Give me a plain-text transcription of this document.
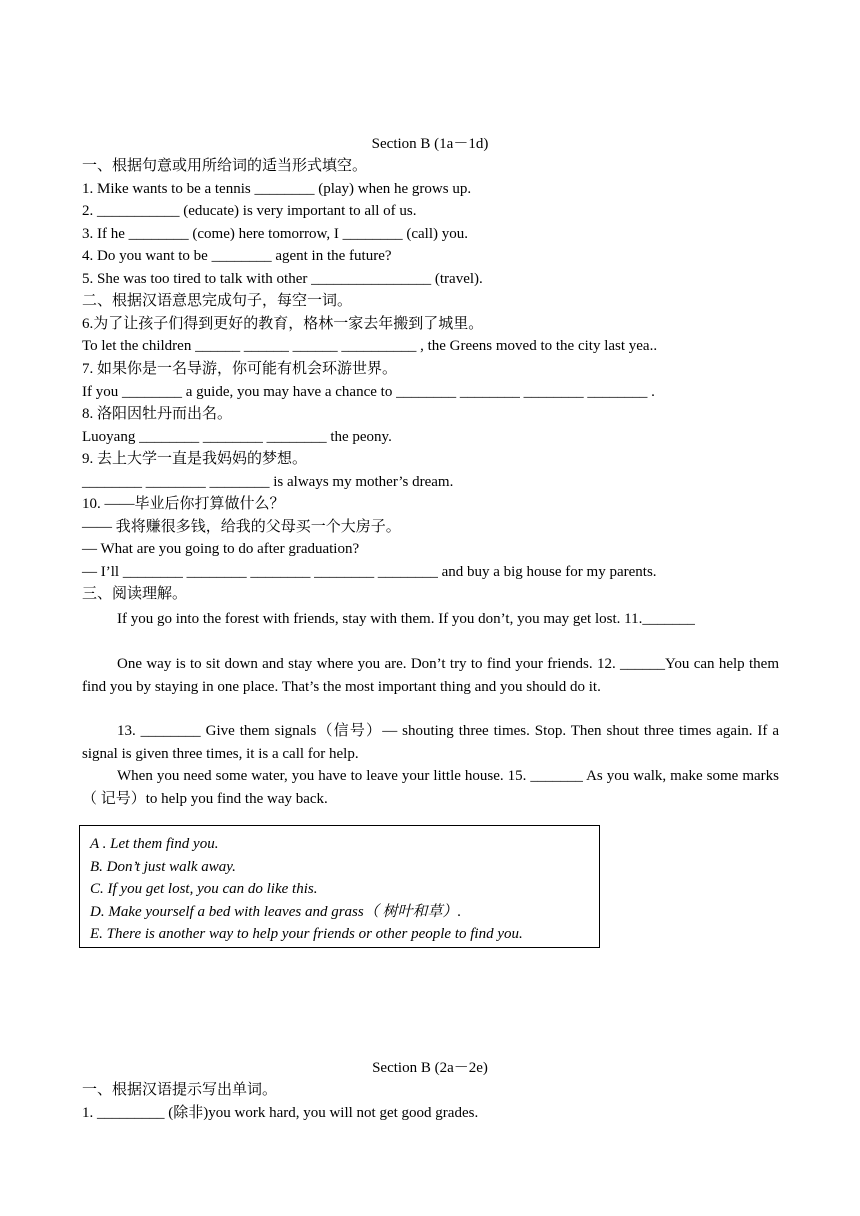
Section B (1a－1d)
一、根据句意或用所给词的适当形式填空。
1. Mike wants to be a tennis ________ (play) when he grows up.
2. ___________ (educate) is very important to all of us.
3. If he ________ (come) here tomorrow, I ________ (call) you.
4. Do you want to be ________ agent in the future?
5. She was too tired to talk with other ________________ (travel).
二、根据汉语意思完成句子，每空一词。
6.为了让孩子们得到更好的教育，格林一家去年搬到了城里。
To let the children ______ ______ ______ __________ , the Greens moved to the city last yea..
7. 如果你是一名导游，你可能有机会环游世界。
If you ________ a guide, you may have a chance to ________ ________ ________ ________ .
8. 洛阳因牡丹而出名。
Luoyang ________ ________ ________ the peony.
9. 去上大学一直是我妈妈的梦想。
________ ________ ________ is always my mother’s dream.
10. ——毕业后你打算做什么？
—— 我将赚很多钱，给我的父母买一个大房子。
— What are you going to do after graduation?
— I’ll ________ ________ ________ ________ ________ and buy a big house for my parents.
三、阅读理解。
If you go into the forest with friends, stay with them. If you don’t, you may get lost. 11._______
One way is to sit down and stay where you are. Don’t try to find your friends. 12. ______You can help them find you by staying in one place. That’s the most important thing and you should do it.
13. ________ Give them signals（信号）— shouting three times. Stop. Then shout three times again. If a signal is given three times, it is a call for help.
When you need some water, you have to leave your little house. 15. _______ As you walk, make some marks（ 记号）to help you find the way back.
A . Let them find you.
B. Don’t just walk away.
C. If you get lost, you can do like this.
D. Make yourself a bed with leaves and grass（ 树叶和草）.
E. There is another way to help your friends or other people to find you.
Section B (2a－2e)
一、根据汉语提示写出单词。
1. _________ (除非)you work hard, you will not get good grades.
